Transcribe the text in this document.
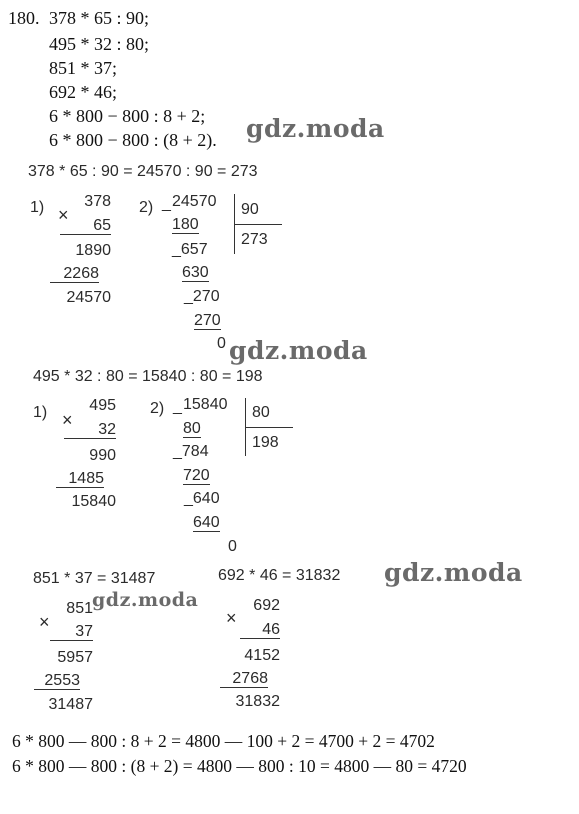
180. 378 * 65 : 90;
495 * 32 : 80;
851 * 37;
692 * 46;
6 * 800 − 800 : 8 + 2;
6 * 800 − 800 : (8 + 2). gdz.moda
gdz.moda
gdz.moda
gdz.moda
378 * 65 : 90 = 24570 : 90 = 273
1) ×
378
65
1890
2268
24570
2) _ 24570 90
273
180
_657
630
_270
270
0
495 * 32 : 80 = 15840 : 80 = 198
1) ×
495
32
990
1485
15840
2) _ 15840 80
198
80
_784
720
_640
640
0
851 * 37 = 31487	692 * 46 = 31832
×
851
37
5957
2553
31487
×
692
46
4152
2768
31832
6 * 800 — 800 : 8 + 2 = 4800 — 100 + 2 = 4700 + 2 = 4702
6 * 800 — 800 : (8 + 2) = 4800 — 800 : 10 = 4800 — 80 = 4720
